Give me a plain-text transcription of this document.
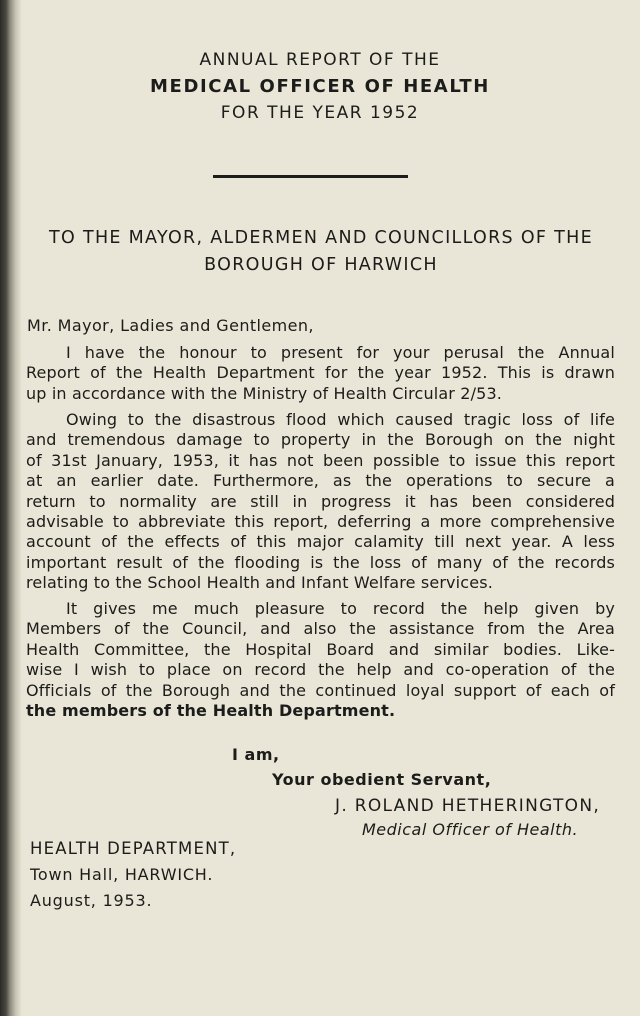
ANNUAL REPORT OF THE
MEDICAL OFFICER OF HEALTH
FOR THE YEAR 1952
TO THE MAYOR, ALDERMEN AND COUNCILLORS OF THE
BOROUGH OF HARWICH
Mr. Mayor, Ladies and Gentlemen,
I have the honour to present for your perusal the Annual
Report of the Health Department for the year 1952. This is drawn
up in accordance with the Ministry of Health Circular 2/53.
Owing to the disastrous flood which caused tragic loss of life
and tremendous damage to property in the Borough on the night
of 31st January, 1953, it has not been possible to issue this report
at an earlier date. Furthermore, as the operations to secure a
return to normality are still in progress it has been considered
advisable to abbreviate this report, deferring a more comprehensive
account of the effects of this major calamity till next year. A less
important result of the flooding is the loss of many of the records
relating to the School Health and Infant Welfare services.
It gives me much pleasure to record the help given by
Members of the Council, and also the assistance from the Area
Health Committee, the Hospital Board and similar bodies. Like-
wise I wish to place on record the help and co-operation of the
Officials of the Borough and the continued loyal support of each of
the members of the Health Department.
I am,
Your obedient Servant,
J. ROLAND HETHERINGTON,
Medical Officer of Health.
HEALTH DEPARTMENT,
Town Hall, HARWICH.
August, 1953.
